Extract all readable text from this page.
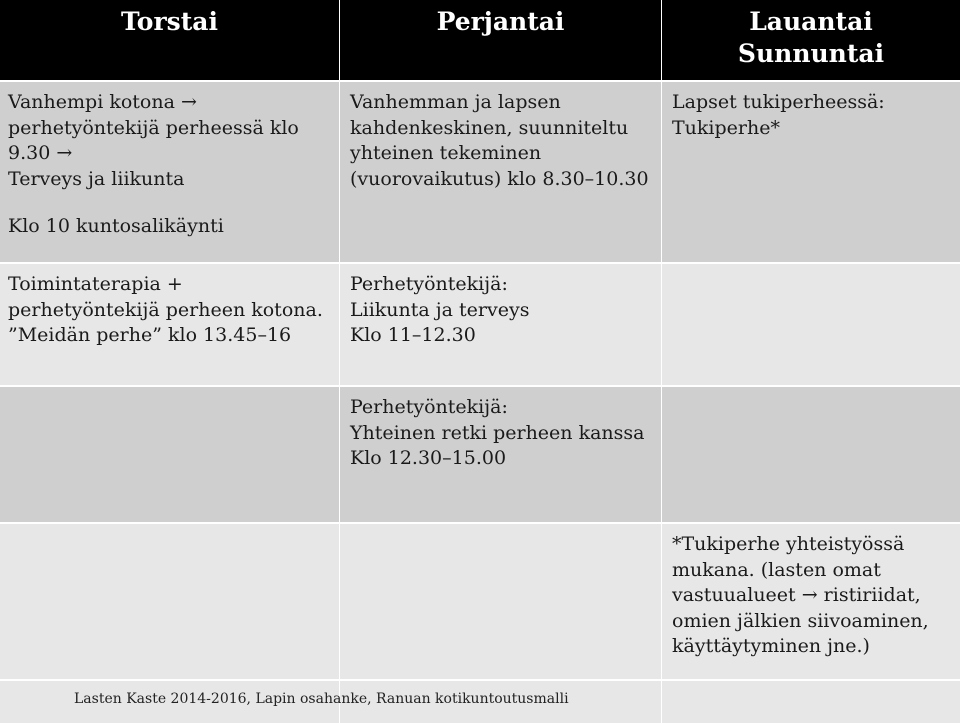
Torstai	Perjantai	Lauantai
Sunnuntai
Vanhempi kotona →
perhetyöntekijä perheessä klo
9.30 →
Terveys ja liikunta
Klo 10 kuntosalikäynti
Vanhemman ja lapsen
kahdenkeskinen, suunniteltu
yhteinen tekeminen
(vuorovaikutus) klo 8.30–10.30
Lapset tukiperheessä:
Tukiperhe*
Toimintaterapia +
perhetyöntekijä perheen kotona.
”Meidän perhe” klo 13.45–16
Perhetyöntekijä:
Liikunta ja terveys
Klo 11–12.30
Perhetyöntekijä:
Yhteinen retki perheen kanssa
Klo 12.30–15.00
*Tukiperhe yhteistyössä
mukana. (lasten omat
vastuualueet → ristiriidat,
omien jälkien siivoaminen,
käyttäytyminen jne.)
Lasten Kaste 2014-2016, Lapin osahanke, Ranuan kotikuntoutusmalli
